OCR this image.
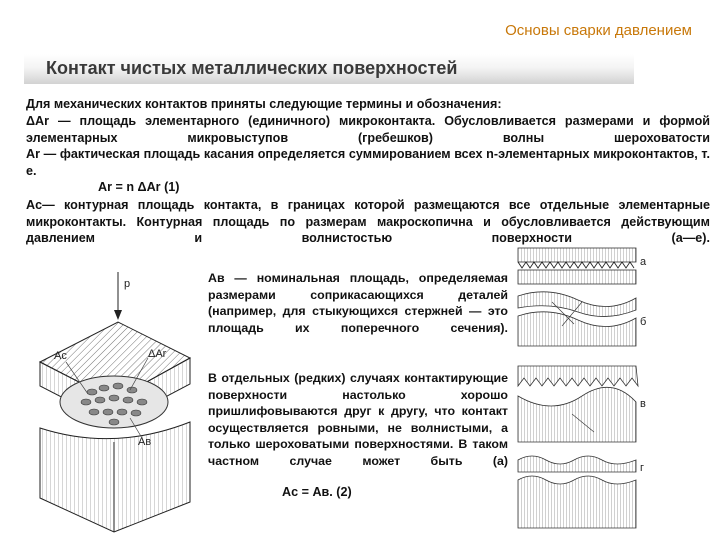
Основы сварки давлением
Контакт чистых металлических поверхностей

Для механических контактов приняты следующие термины и обозначения:

ΔAr — площадь элементарного (единичного) микроконтакта. Обусловливается размерами и формой элементарных микровыступов (гребешков) волны шероховатости

Ar — фактическая площадь касания определяется суммированием всех n-элементарных микроконтактов, т. е.

Ar = n ΔAr (1)

Ac— контурная площадь контакта, в границах которой размещаются все отдельные элементарные микроконтакты. Контурная площадь по размерам макроскопична и обусловливается действующим давлением и волнистостью поверхности (а—е).

Ав — номинальная площадь, определяемая размерами соприкасающихся деталей (например, для стыкующихся стержней — это площадь их поперечного сечения).

В отдельных (редких) случаях контактирующие поверхности настолько хорошо пришлифовываются друг к другу, что контакт осуществляется ровными, не волнистыми, а только шероховатыми поверхностями. В таком частном случае может быть (а)

Ac = Ав. (2)
p
Ac	ΔAr
Ав
а
б
в
г
